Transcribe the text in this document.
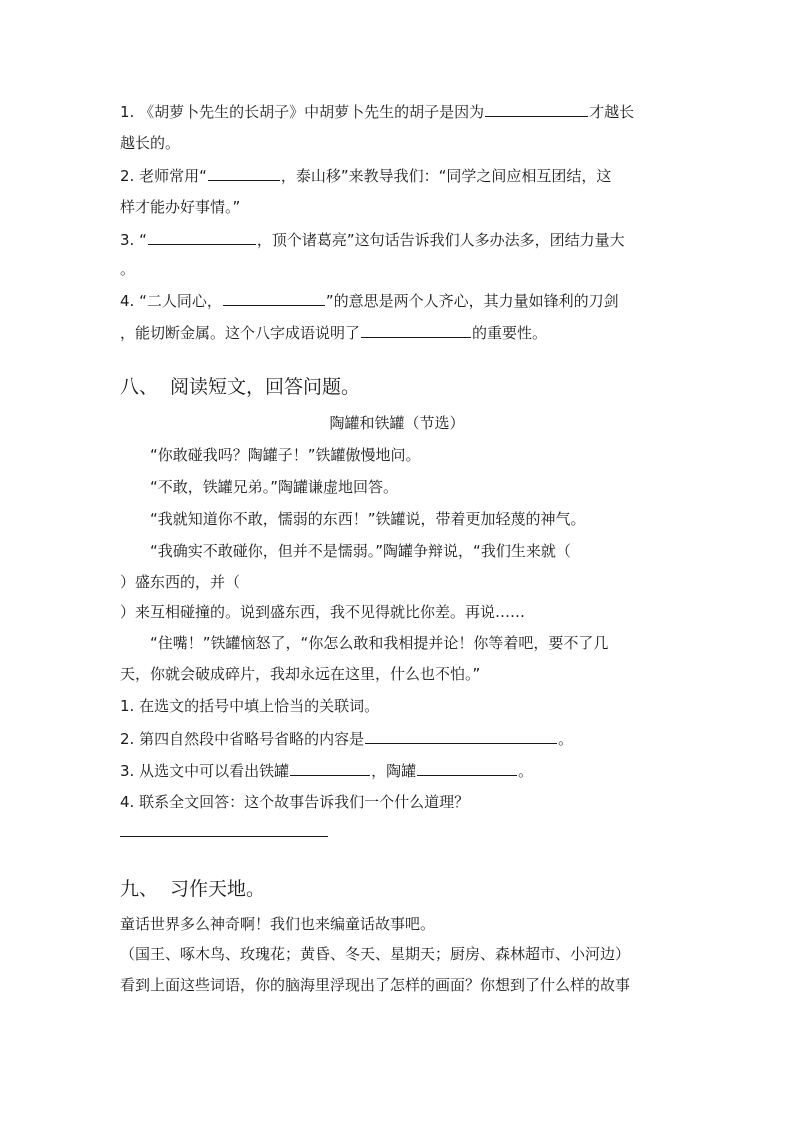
1. 《胡萝卜先生的长胡子》中胡萝卜先生的胡子是因为	才越长
越长的。
2. 老师常用“	，泰山移”来教导我们：“同学之间应相互团结，这
样才能办好事情。”
3. “	，顶个诸葛亮”这句话告诉我们人多办法多，团结力量大
。
4. “二人同心，	”的意思是两个人齐心，其力量如锋利的刀剑
，能切断金属。这个八字成语说明了	的重要性。
八、 阅读短文，回答问题。
陶罐和铁罐（节选）
“你敢碰我吗？陶罐子！”铁罐傲慢地问。
“不敢，铁罐兄弟。”陶罐谦虚地回答。
“我就知道你不敢，懦弱的东西！”铁罐说，带着更加轻蔑的神气。
“我确实不敢碰你，但并不是懦弱。”陶罐争辩说，“我们生来就（
）盛东西的，并（
）来互相碰撞的。说到盛东西，我不见得就比你差。再说……
“住嘴！”铁罐恼怒了，“你怎么敢和我相提并论！你等着吧，要不了几
天，你就会破成碎片，我却永远在这里，什么也不怕。”
1. 在选文的括号中填上恰当的关联词。
2. 第四自然段中省略号省略的内容是	。
3. 从选文中可以看出铁罐	，陶罐	。
4. 联系全文回答：这个故事告诉我们一个什么道理？
九、 习作天地。
童话世界多么神奇啊！我们也来编童话故事吧。
（国王、啄木鸟、玫瑰花；黄昏、冬天、星期天；厨房、森林超市、小河边）
看到上面这些词语，你的脑海里浮现出了怎样的画面？你想到了什么样的故事
